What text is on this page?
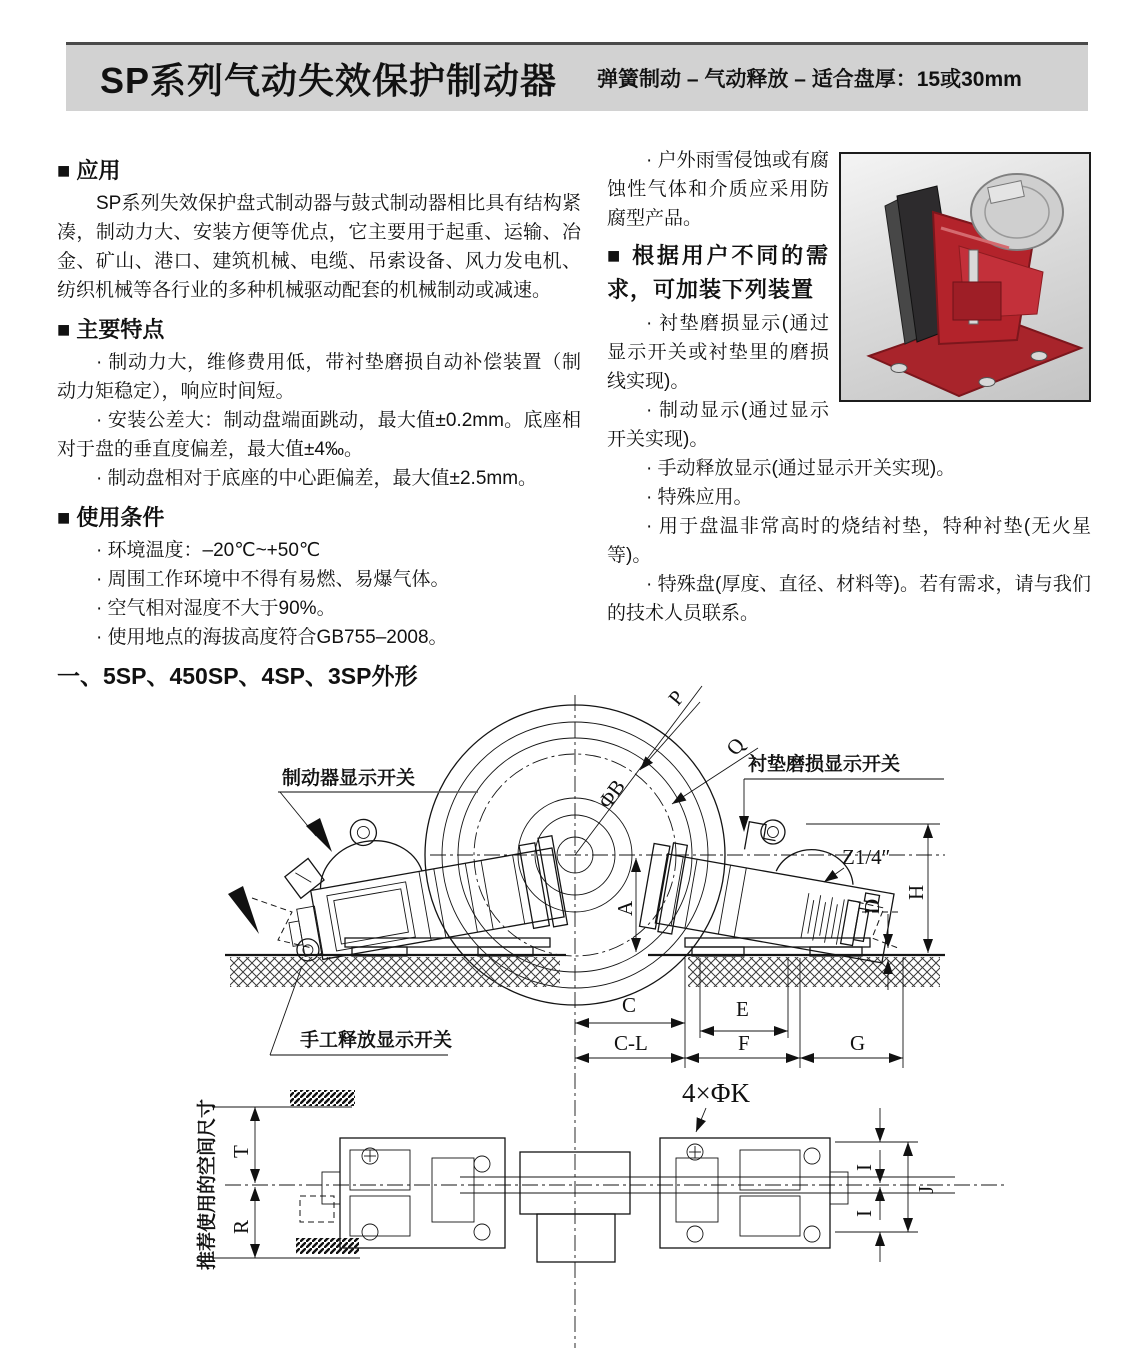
SP系列气动失效保护制动器 弹簧制动 – 气动释放 – 适合盘厚：15或30mm
■ 应用

SP系列失效保护盘式制动器与鼓式制动器相比具有结构紧凑，制动力大、安装方便等优点，它主要用于起重、运输、冶金、矿山、港口、建筑机械、电缆、吊索设备、风力发电机、纺织机械等各行业的多种机械驱动配套的机械制动或减速。

■ 主要特点

· 制动力大，维修费用低，带衬垫磨损自动补偿装置（制动力矩稳定），响应时间短。

· 安装公差大：制动盘端面跳动，最大值±0.2mm。底座相对于盘的垂直度偏差，最大值±4‰。

· 制动盘相对于底座的中心距偏差，最大值±2.5mm。

■ 使用条件

· 环境温度：–20℃~+50℃

· 周围工作环境中不得有易燃、易爆气体。

· 空气相对湿度不大于90%。

· 使用地点的海拔高度符合GB755–2008。

· 户外雨雪侵蚀或有腐蚀性气体和介质应采用防腐型产品。

■ 根据用户不同的需求，可加装下列装置

· 衬垫磨损显示(通过显示开关或衬垫里的磨损线实现)。

· 制动显示(通过显示开关实现)。

· 手动释放显示(通过显示开关实现)。

· 特殊应用。

· 用于盘温非常高时的烧结衬垫，特种衬垫(无火星等)。

· 特殊盘(厚度、直径、材料等)。若有需求，请与我们的技术人员联系。

一、5SP、450SP、4SP、3SP外形
制动器显示开关
衬垫磨损显示开关
手工释放显示开关
Z1/4″
P
Q
ΦB
A
H
D
C	E
C-L	F	G
4×ΦK
T
R
推荐使用的空间尺寸	I
I
J
